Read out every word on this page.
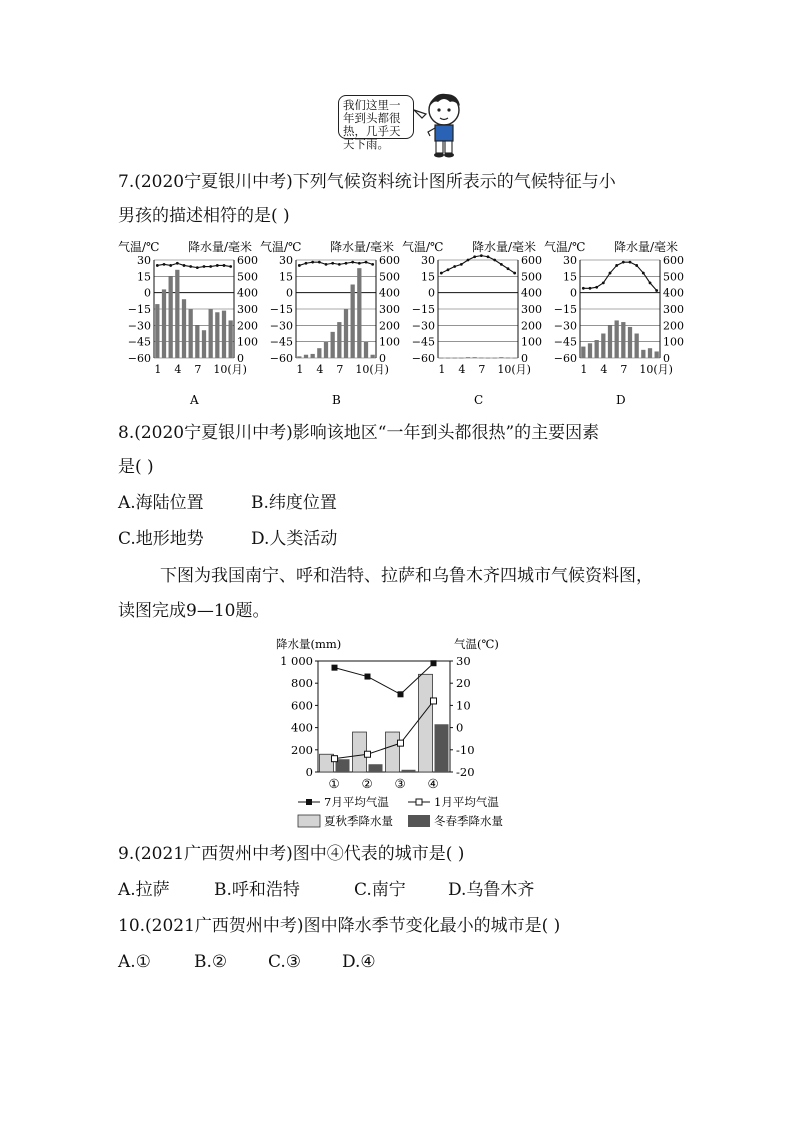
我们这里一年到头都很热，几乎天天下雨。
7.(2020宁夏银川中考)下列气候资料统计图所表示的气候特征与小
男孩的描述相符的是( )
气温/℃ 降水量/毫米
30	600
15	500
0	400
−15	300
−30	200
−45	100
−60	0
1 4 7 10(月)
A
气温/℃ 降水量/毫米
30	600
15	500
0	400
−15	300
−30	200
−45	100
−60	0
1 4 7 10(月)
B
气温/℃ 降水量/毫米
30	600
15	500
0	400
−15	300
−30	200
−45	100
−60	0
1 4 7 10(月)
C
气温/℃ 降水量/毫米
30	600
15	500
0	400
−15	300
−30	200
−45	100
−60	0
1 4 7 10(月)
D
8.(2020宁夏银川中考)影响该地区“一年到头都很热”的主要因素
是( )
A.海陆位置	B.纬度位置
C.地形地势	D.人类活动
下图为我国南宁、呼和浩特、拉萨和乌鲁木齐四城市气候资料图，
读图完成9—10题。
降水量(mm)	气温(℃)
1 000
800
600
400
200
0
30
20
10
0
-10
-20
① ② ③ ④
7月平均气温	1月平均气温
夏秋季降水量	冬春季降水量
9.(2021广西贺州中考)图中④代表的城市是( )
A.拉萨	B.呼和浩特	C.南宁 D.乌鲁木齐
10.(2021广西贺州中考)图中降水季节变化最小的城市是( )
A.①	B.② C.③ D.④
